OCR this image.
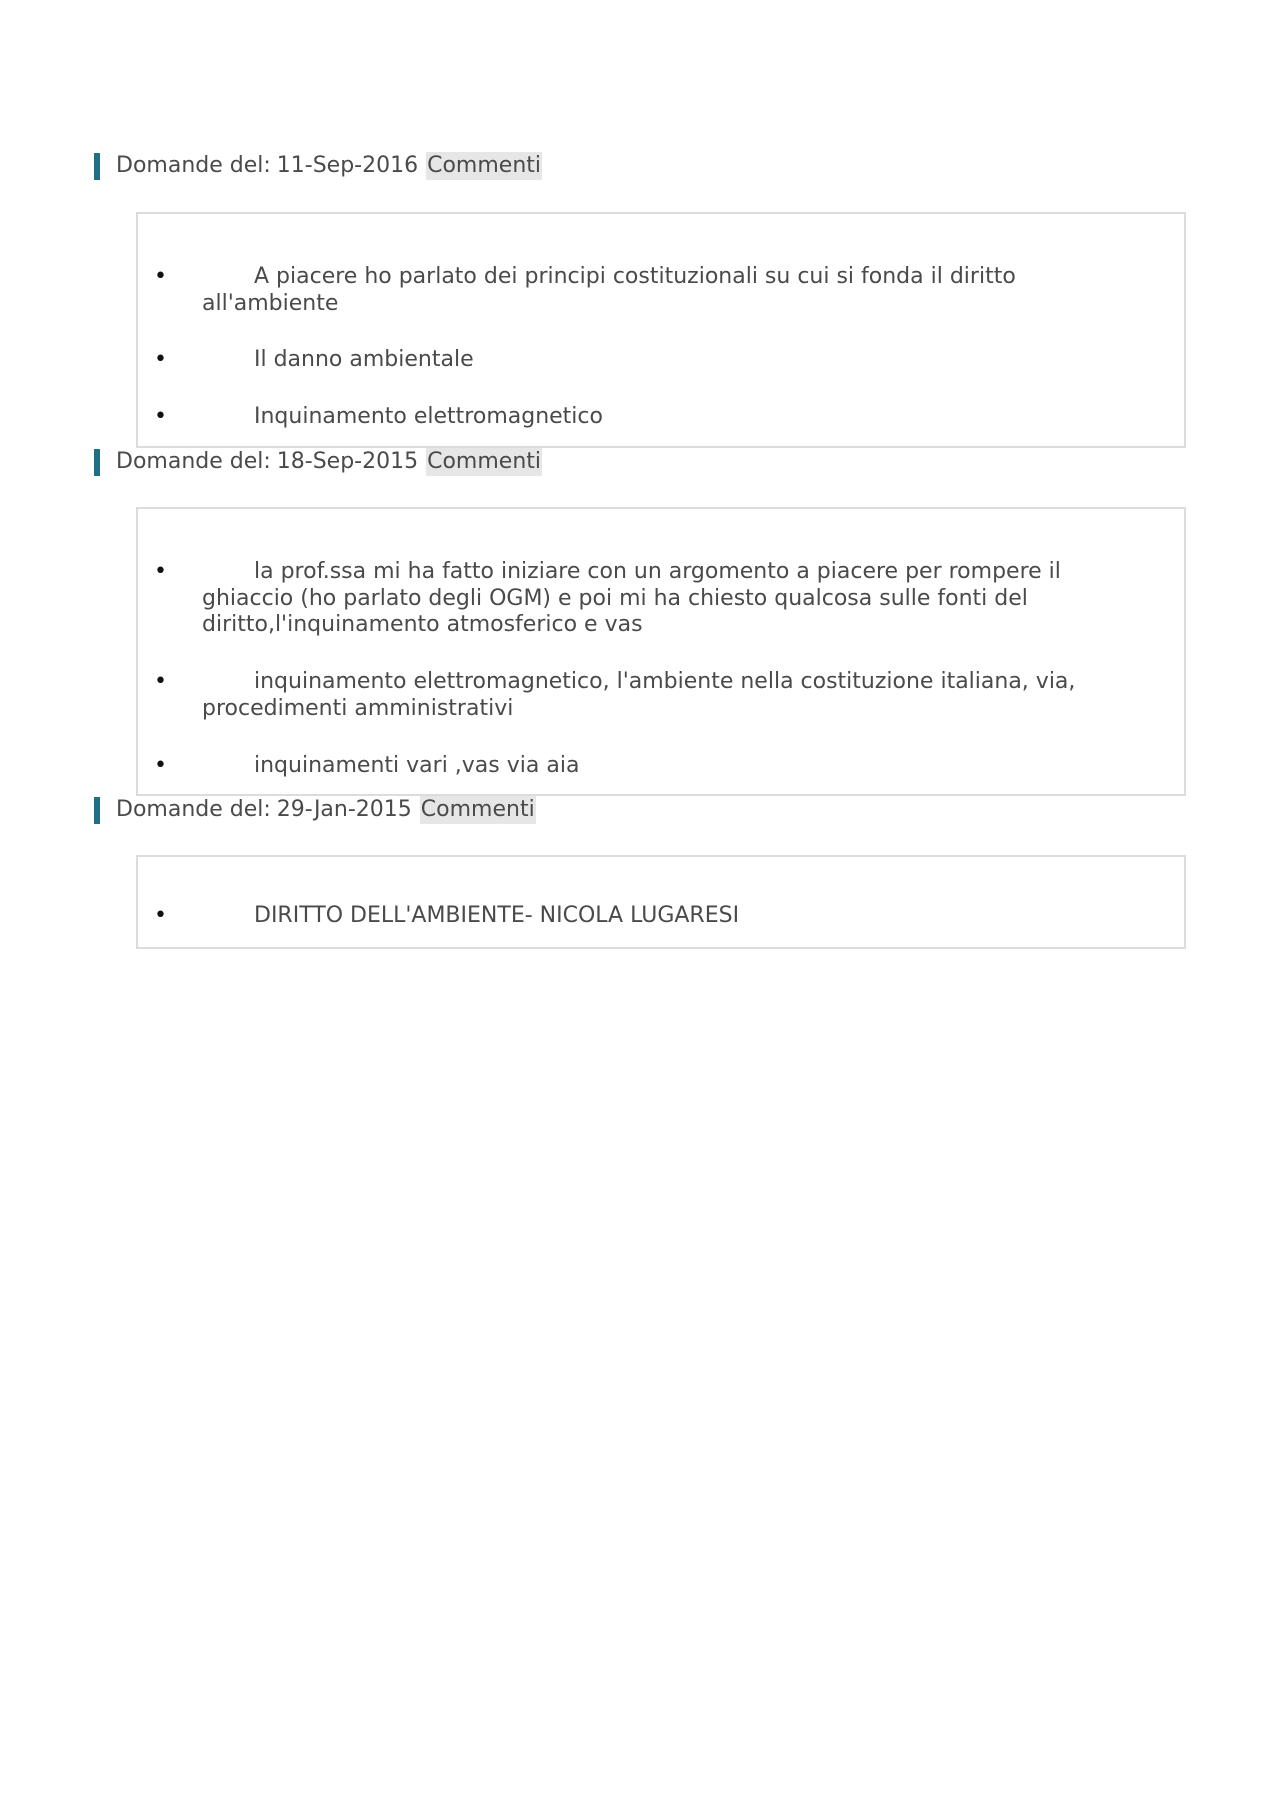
Domande del: 11-Sep-2016 Commenti
•	A piacere ho parlato dei principi costituzionali su cui si fonda il diritto all'ambiente
•	Il danno ambientale
•	Inquinamento elettromagnetico
Domande del: 18-Sep-2015 Commenti
•	la prof.ssa mi ha fatto iniziare con un argomento a piacere per rompere il ghiaccio (ho parlato degli OGM) e poi mi ha chiesto qualcosa sulle fonti del diritto,l'inquinamento atmosferico e vas
•	inquinamento elettromagnetico, l'ambiente nella costituzione italiana, via, procedimenti amministrativi
•	inquinamenti vari ,vas via aia
Domande del: 29-Jan-2015 Commenti
•	DIRITTO DELL'AMBIENTE- NICOLA LUGARESI
